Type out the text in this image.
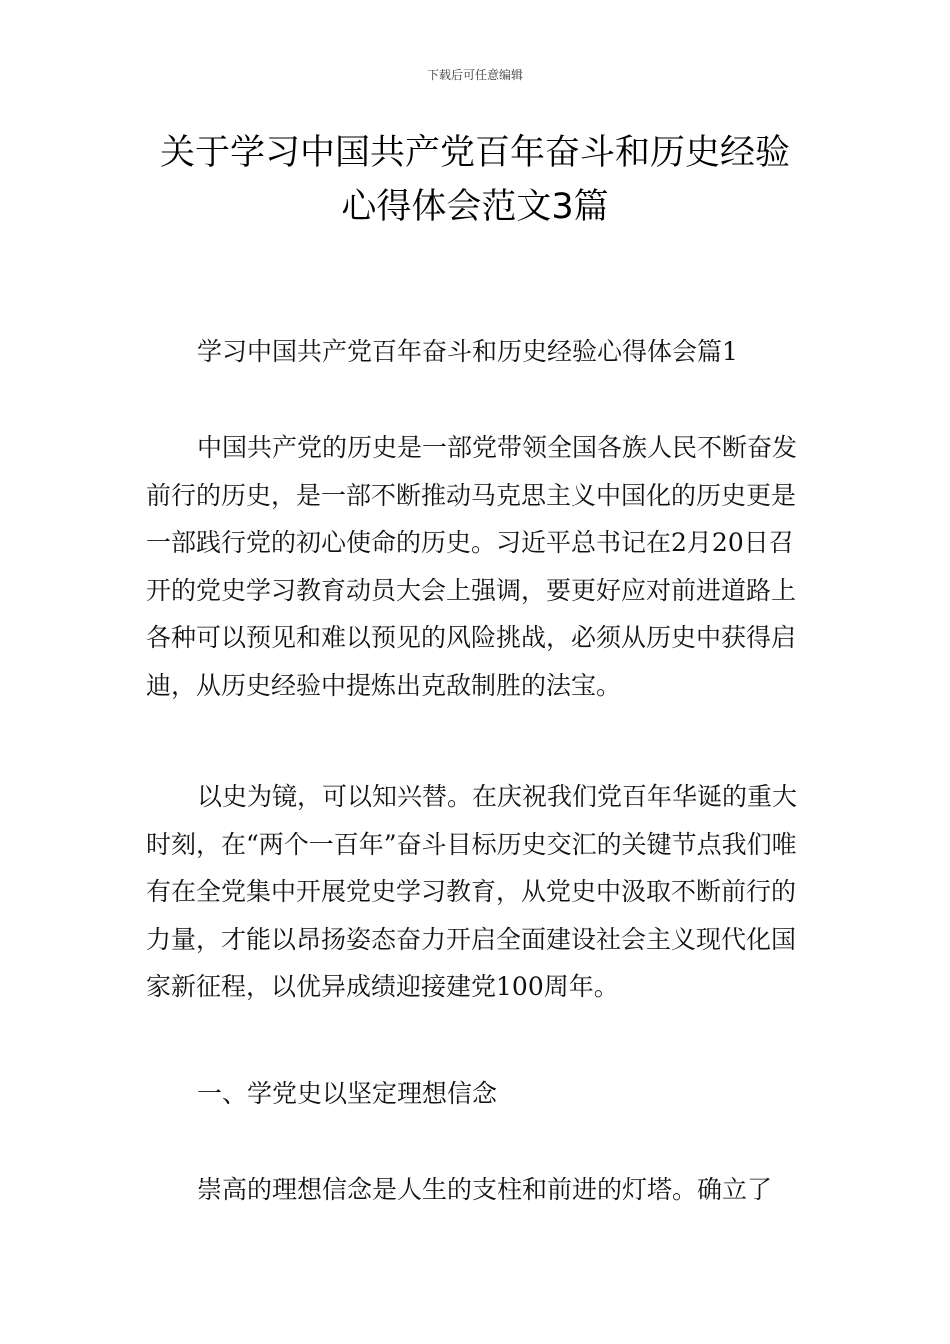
下载后可任意编辑
关于学习中国共产党百年奋斗和历史经验
心得体会范文3篇
学习中国共产党百年奋斗和历史经验心得体会篇1

中国共产党的历史是一部党带领全国各族人民不断奋发前行的历史，是一部不断推动马克思主义中国化的历史更是一部践行党的初心使命的历史。习近平总书记在2月20日召开的党史学习教育动员大会上强调，要更好应对前进道路上各种可以预见和难以预见的风险挑战，必须从历史中获得启迪，从历史经验中提炼出克敌制胜的法宝。

以史为镜，可以知兴替。在庆祝我们党百年华诞的重大时刻，在“两个一百年”奋斗目标历史交汇的关键节点我们唯有在全党集中开展党史学习教育，从党史中汲取不断前行的力量，才能以昂扬姿态奋力开启全面建设社会主义现代化国家新征程，以优异成绩迎接建党100周年。

一、学党史以坚定理想信念

崇高的理想信念是人生的支柱和前进的灯塔。确立了
